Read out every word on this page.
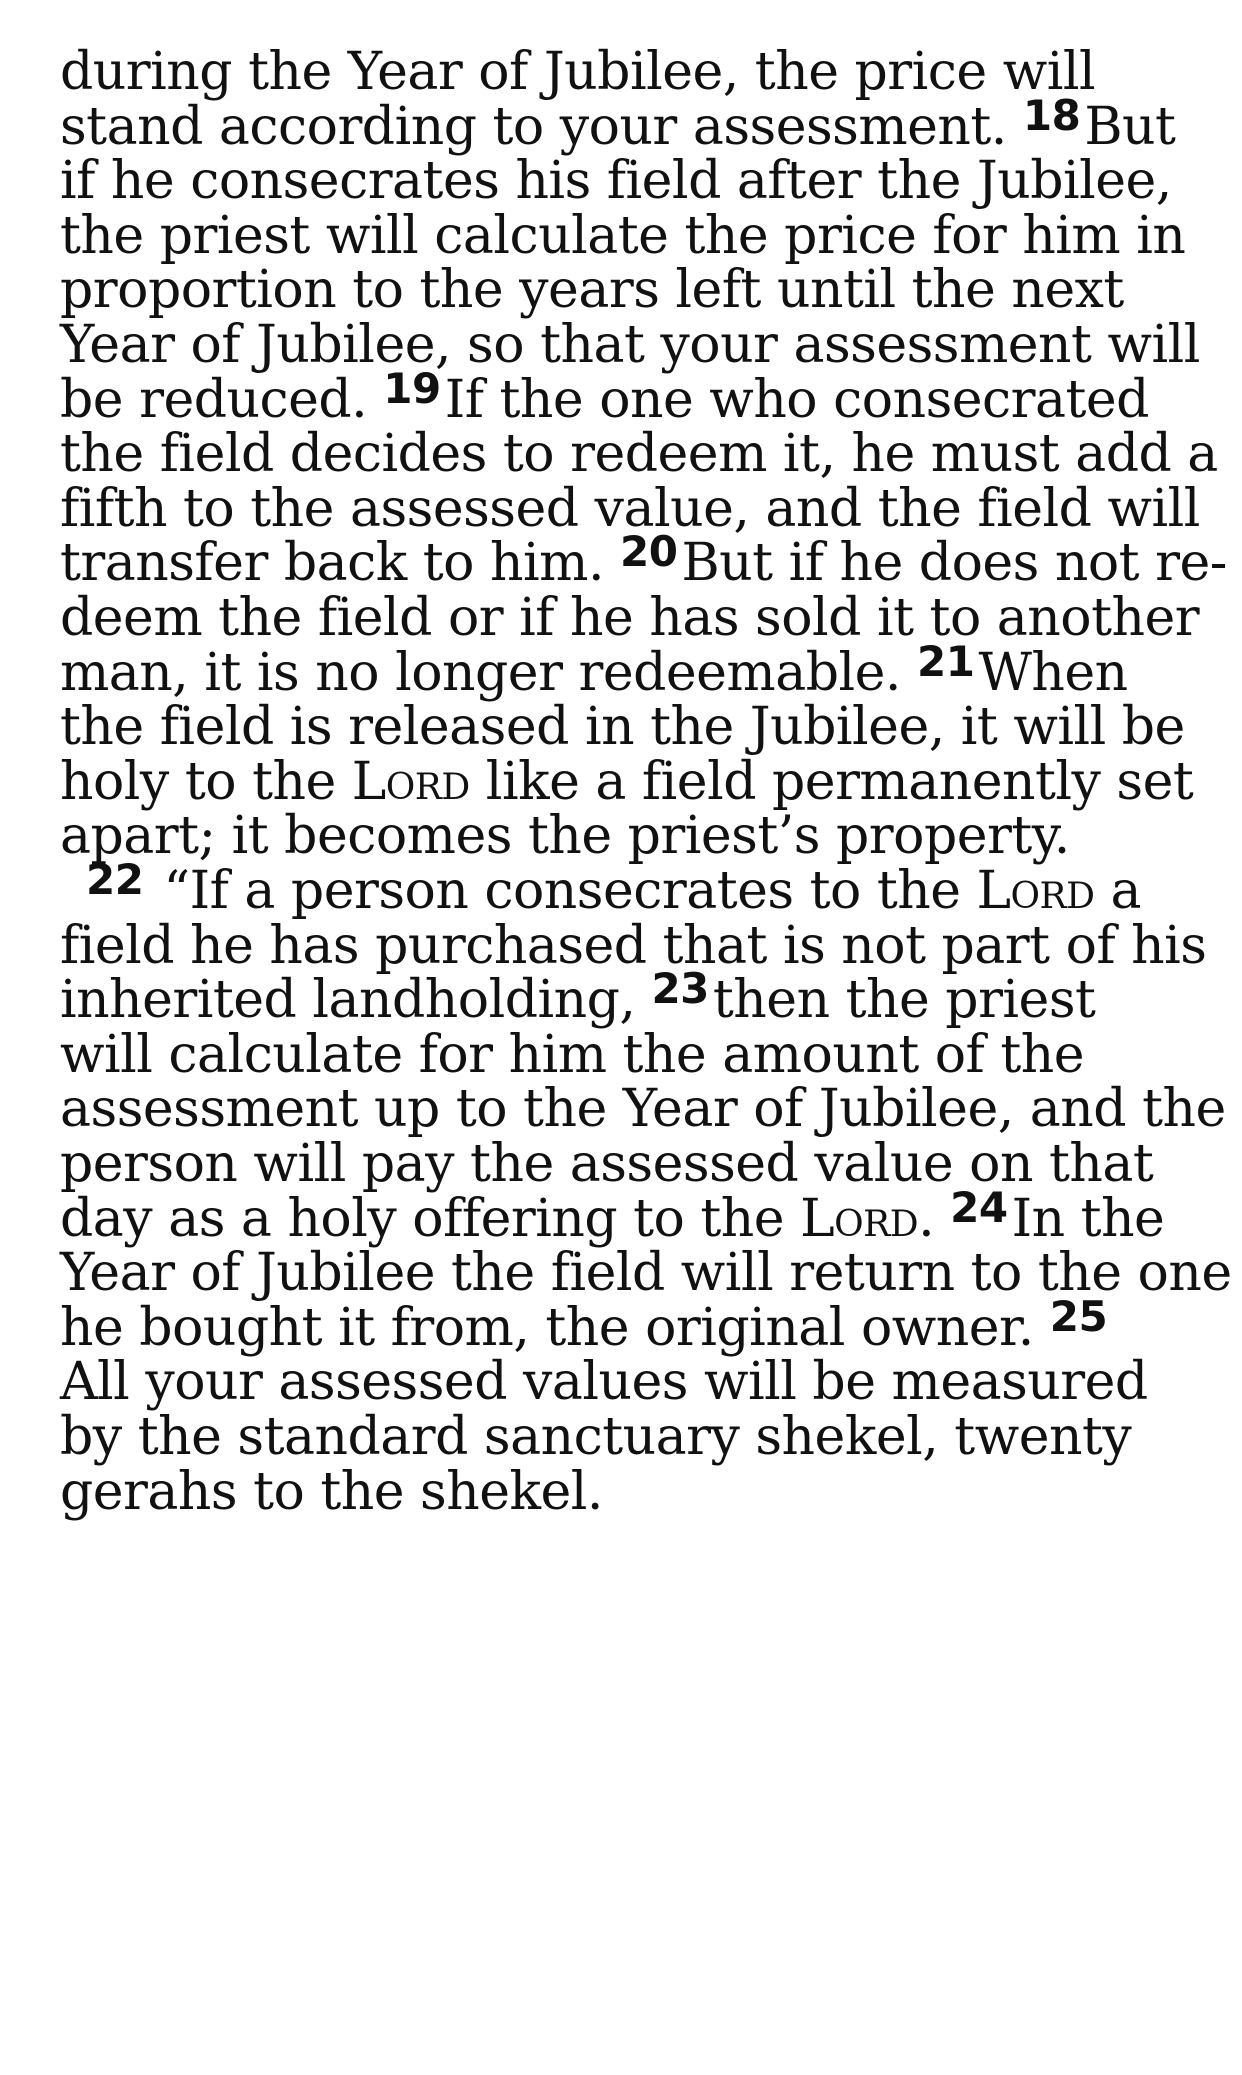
during the Year of Jubilee, the price will
stand according to your assessment. $^{18}$But
if he consecrates his field after the Jubilee,
the priest will calculate the price for him in
proportion to the years left until the next
Year of Jubilee, so that your assessment will
be reduced. $^{19}$If the one who consecrated
the field decides to redeem it, he must add a
fifth to the assessed value, and the field will
transfer back to him. $^{20}$But if he does not re-
deem the field or if he has sold it to another
man, it is no longer redeemable. $^{21}$When
the field is released in the Jubilee, it will be
holy to the Lord like a field permanently set
apart; it becomes the priest’s property.
$^{22}$ “If a person consecrates to the Lord a
field he has purchased that is not part of his
inherited landholding, $^{23}$then the priest
will calculate for him the amount of the
assessment up to the Year of Jubilee, and the
person will pay the assessed value on that
day as a holy offering to the Lord. $^{24}$In the
Year of Jubilee the field will return to the one
he bought it from, the original owner. $^{25}$
All your assessed values will be measured
by the standard sanctuary shekel, twenty
gerahs to the shekel.
